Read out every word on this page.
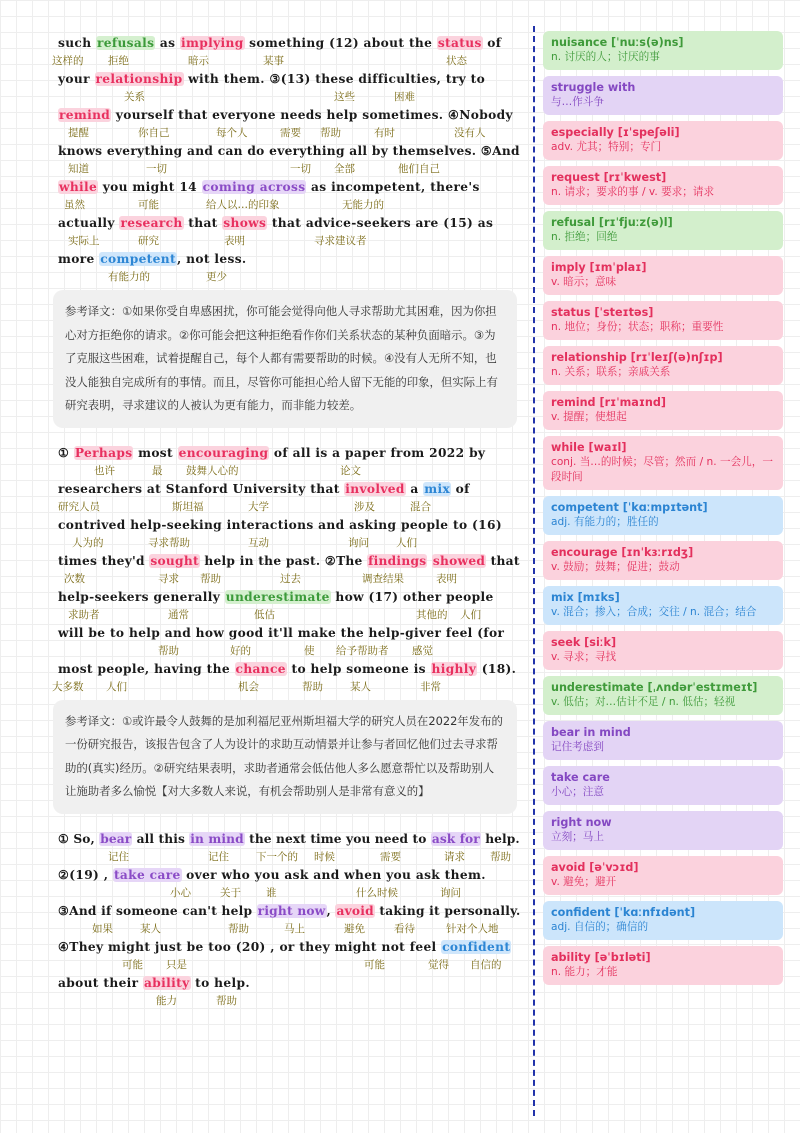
such refusals as implying something (12) about the status of
这样的 拒绝	暗示	某事	状态
your relationship with them. ③(13) these difficulties, try to
关系	这些	困难
remind yourself that everyone needs help sometimes. ④Nobody
提醒	你自己	每个人	需要 帮助	有时	没有人
knows everything and can do everything all by themselves. ⑤And
知道	一切	一切 全部	他们自己
while you might 14 coming across as incompetent, there's
虽然	可能	给人以…的印象	无能力的
actually research that shows that advice-seekers are (15) as
实际上	研究	表明	寻求建议者
more competent, not less.
有能力的	更少
参考译文：①如果你受自卑感困扰，你可能会觉得向他人寻求帮助尤其困难，因为你担心对方拒绝你的请求。②你可能会把这种拒绝看作你们关系状态的某种负面暗示。③为了克服这些困难，试着提醒自己，每个人都有需要帮助的时候。④没有人无所不知，也没人能独自完成所有的事情。而且，尽管你可能担心给人留下无能的印象，但实际上有研究表明，寻求建议的人被认为更有能力，而非能力较差。
① Perhaps most encouraging of all is a paper from 2022 by
也许	最 鼓舞人心的	论文
researchers at Stanford University that involved a mix of
研究人员	斯坦福	大学	涉及	混合
contrived help-seeking interactions and asking people to (16)
人为的	寻求帮助	互动	询问	人们
times they'd sought help in the past. ②The findings showed that
次数	寻求 帮助	过去	调查结果	表明
help-seekers generally underestimate how (17) other people
求助者	通常	低估	其他的 人们
will be to help and how good it'll make the help-giver feel (for
帮助	好的	使 给予帮助者 感觉
most people, having the chance to help someone is highly (18).
大多数 人们	机会	帮助	某人	非常
参考译文：①或许最令人鼓舞的是加利福尼亚州斯坦福大学的研究人员在2022年发布的一份研究报告，该报告包含了人为设计的求助互动情景并让参与者回忆他们过去寻求帮助的(真实)经历。②研究结果表明，求助者通常会低估他人多么愿意帮忙以及帮助别人让施助者多么愉悦【对大多数人来说，有机会帮助别人是非常有意义的】
① So, bear all this in mind the next time you need to ask for help.
记住	记住	下一个的 时候	需要	请求 帮助
②(19) , take care over who you ask and when you ask them.
小心	关于 谁	什么时候	询问
③And if someone can't help right now, avoid taking it personally.
如果	某人	帮助	马上	避免	看待	针对个人地
④They might just be too (20) , or they might not feel confident
可能 只是	可能	觉得 自信的
about their ability to help.
能力	帮助
nuisance [ˈnuːs(ə)ns]
n. 讨厌的人；讨厌的事
struggle with
与…作斗争
especially [ɪˈspeʃəli]
adv. 尤其；特别；专门
request [rɪˈkwest]
n. 请求；要求的事 / v. 要求；请求
refusal [rɪˈfjuːz(ə)l]
n. 拒绝；回绝
imply [ɪmˈplaɪ]
v. 暗示；意味
status [ˈsteɪtəs]
n. 地位；身份；状态；职称；重要性
relationship [rɪˈleɪʃ(ə)nʃɪp]
n. 关系；联系；亲戚关系
remind [rɪˈmaɪnd]
v. 提醒；使想起
while [waɪl]
conj. 当…的时候；尽管；然而 / n. 一会儿，一段时间
competent [ˈkɑːmpɪtənt]
adj. 有能力的；胜任的
encourage [ɪnˈkɜːrɪdʒ]
v. 鼓励；鼓舞；促进；鼓动
mix [mɪks]
v. 混合；掺入；合成；交往 / n. 混合；结合
seek [siːk]
v. 寻求；寻找
underestimate [ˌʌndərˈestɪmeɪt]
v. 低估；对…估计不足 / n. 低估；轻视
bear in mind
记住考虑到
take care
小心；注意
right now
立刻；马上
avoid [əˈvɔɪd]
v. 避免；避开
confident [ˈkɑːnfɪdənt]
adj. 自信的；确信的
ability [əˈbɪləti]
n. 能力；才能
